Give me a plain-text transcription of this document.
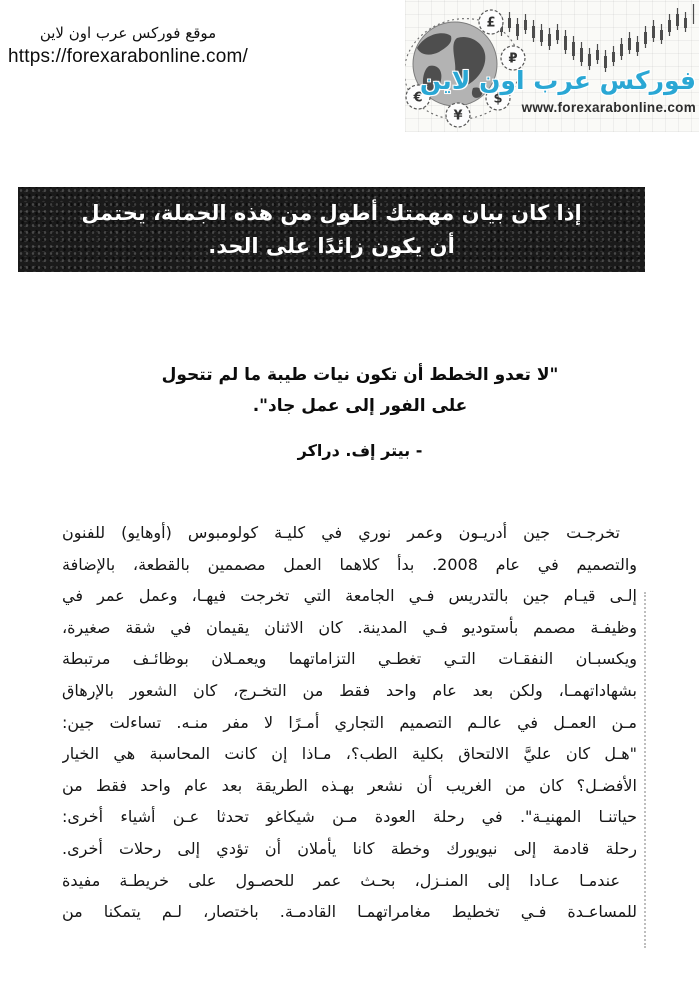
موقع فوركس عرب اون لاين
https://forexarabonline.com/
£
₽
$
¥
€
فوركس عرب اون لاين
www.forexarabonline.com
إذا كان بيان مهمتك أطول من هذه الجملة، يحتمل
أن يكون زائدًا على الحد.
"لا تعدو الخطط أن تكون نيات طيبة ما لم تتحول
على الفور إلى عمل جاد".
- بيتر إف. دراكر
تخرجـت جين أدريـون وعمر نوري في كليـة كولومبوس (أوهايو) للفنون
والتصميم في عام 2008. بدأ كلاهما العمل مصممين بالقطعة، بالإضافة
إلـى قيـام جين بالتدريس فـي الجامعة التي تخرجت فيهـا، وعمل عمر في
وظيفـة مصمم بأستوديو فـي المدينة. كان الاثنان يقيمان في شقة صغيرة،
ويكسبـان النفقـات التـي تغطـي التزاماتهما ويعمـلان بوظائـف مرتبطة
بشهاداتهمـا، ولكن بعد عام واحد فقط من التخـرج، كان الشعور بالإرهاق
مـن العمـل في عالـم التصميم التجاري أمـرًا لا مفر منـه. تساءلت جين:
"هـل كان عليَّ الالتحاق بكلية الطب؟، مـاذا إن كانت المحاسبة هي الخيار
الأفضـل؟ كان من الغريب أن نشعر بهـذه الطريقة بعد عام واحد فقط من
حياتنـا المهنيـة". في رحلة العودة مـن شيكاغو تحدثا عـن أشياء أخرى:
رحلة قادمة إلى نيويورك وخطة كانا يأملان أن تؤدي إلى رحلات أخرى.
عندمـا عـادا إلى المنـزل، بحـث عمر للحصـول على خريطـة مفيدة
للمساعـدة فـي تخطيط مغامراتهمـا القادمـة. باختصار، لـم يتمكنا من
